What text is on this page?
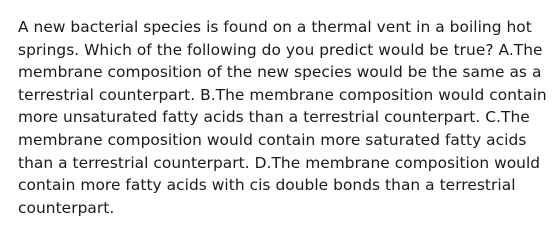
A new bacterial species is found on a thermal vent in a boiling hot springs. Which of the following do you predict would be true? A.The membrane composition of the new species would be the same as a terrestrial counterpart. B.The membrane composition would contain more unsaturated fatty acids than a terrestrial counterpart. C.The membrane composition would contain more saturated fatty acids than a terrestrial counterpart. D.The membrane composition would contain more fatty acids with cis double bonds than a terrestrial counterpart.
